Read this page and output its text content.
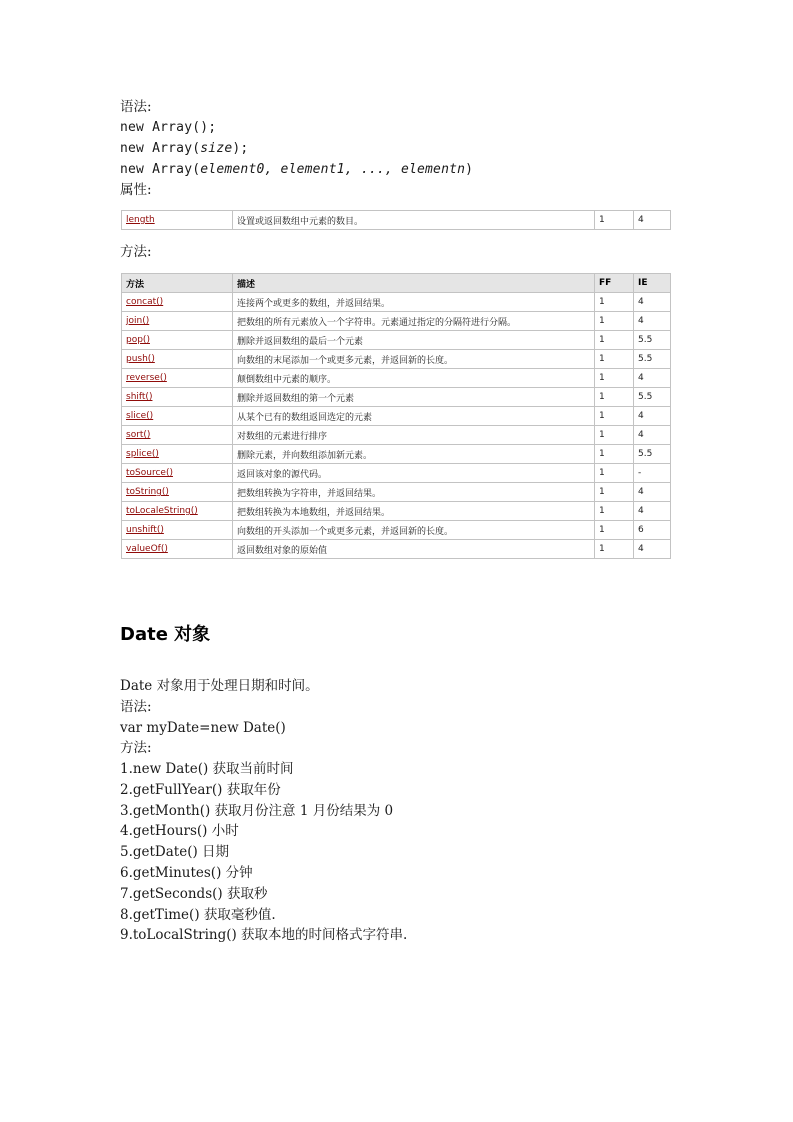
语法:
new Array();
new Array(size);
new Array(element0, element1, ..., elementn)
属性:
length	设置或返回数组中元素的数目。	1	4
方法:
方法	描述	FF	IE
concat()	连接两个或更多的数组，并返回结果。	1	4
join()	把数组的所有元素放入一个字符串。元素通过指定的分隔符进行分隔。	1	4
pop()	删除并返回数组的最后一个元素	1	5.5
push()	向数组的末尾添加一个或更多元素，并返回新的长度。	1	5.5
reverse()	颠倒数组中元素的顺序。	1	4
shift()	删除并返回数组的第一个元素	1	5.5
slice()	从某个已有的数组返回选定的元素	1	4
sort()	对数组的元素进行排序	1	4
splice()	删除元素，并向数组添加新元素。	1	5.5
toSource()	返回该对象的源代码。	1	-
toString()	把数组转换为字符串，并返回结果。	1	4
toLocaleString()	把数组转换为本地数组，并返回结果。	1	4
unshift()	向数组的开头添加一个或更多元素，并返回新的长度。	1	6
valueOf()	返回数组对象的原始值	1	4
Date 对象
Date 对象用于处理日期和时间。
语法:
var myDate=new Date()
方法:
1.new Date() 获取当前时间
2.getFullYear() 获取年份
3.getMonth() 获取月份注意 1 月份结果为 0
4.getHours() 小时
5.getDate() 日期
6.getMinutes() 分钟
7.getSeconds() 获取秒
8.getTime() 获取毫秒值.
9.toLocalString() 获取本地的时间格式字符串.
